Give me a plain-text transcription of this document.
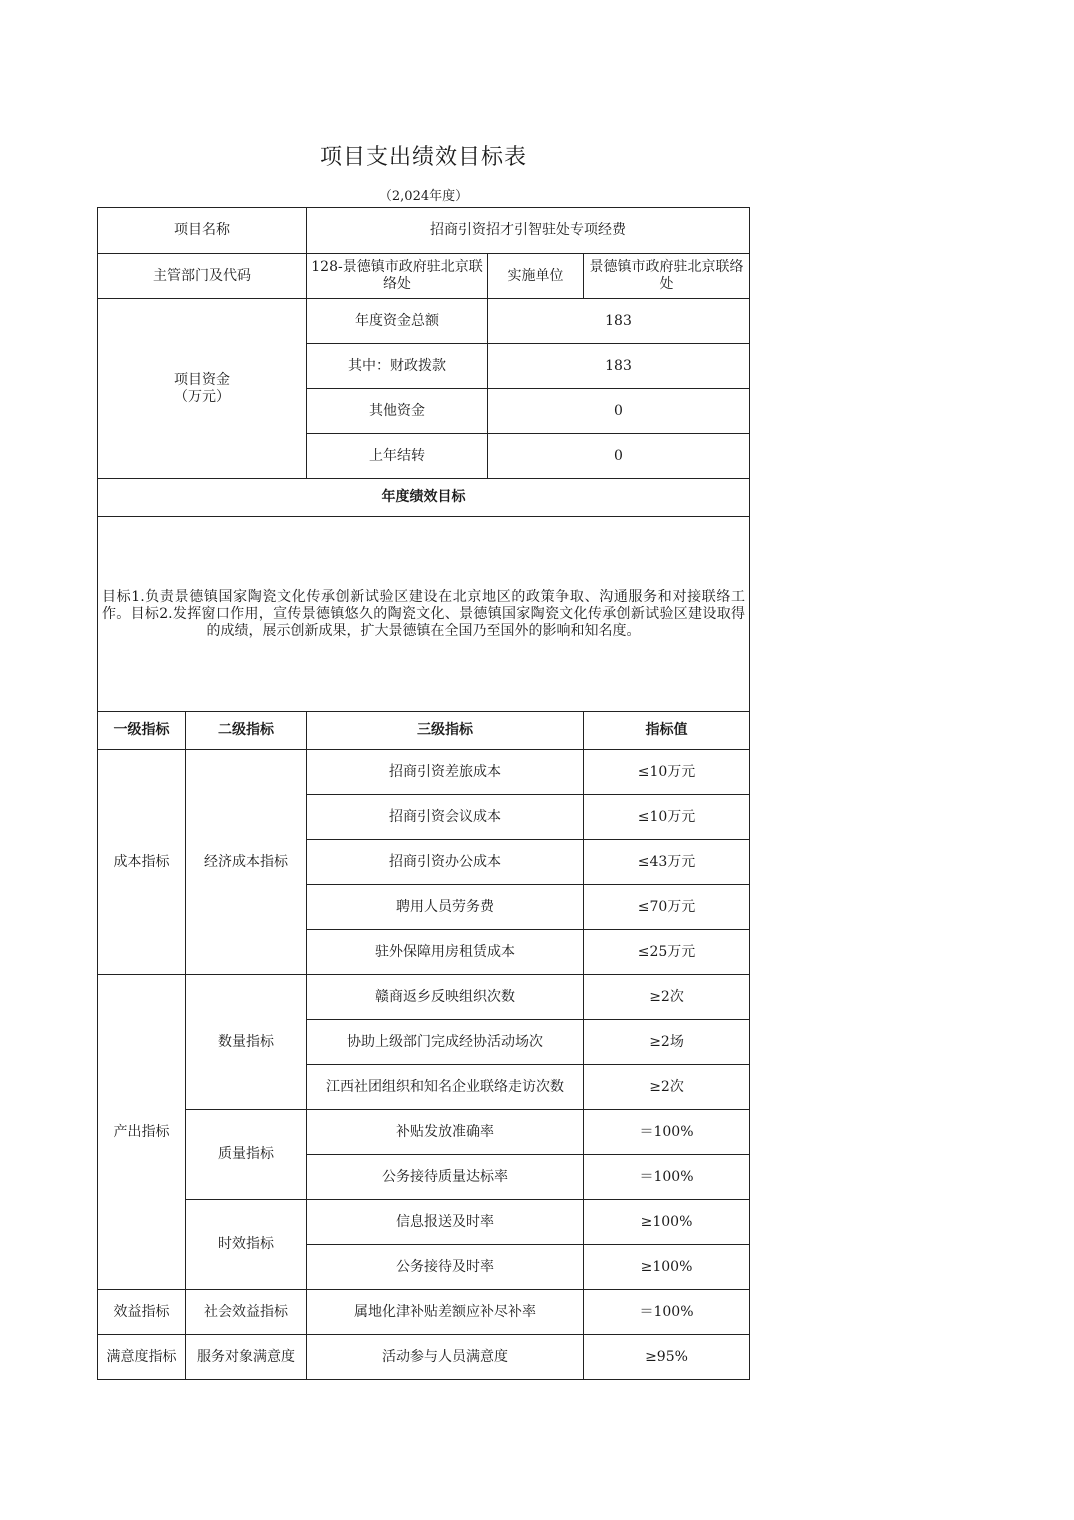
项目支出绩效目标表
（2,024年度）
项目名称		招商引资招才引智驻处专项经费		
主管部门及代码		128-景德镇市政府驻北京联络处	实施单位	景德镇市政府驻北京联络处

项目资金
（万元）		年度资金总额	183	
		其中：财政拨款	183	
		其他资金	0	
		上年结转	0	
年度绩效目标				

目标1.负责景德镇国家陶瓷文化传承创新试验区建设在北京地区的政策争取、沟通服务和对接联络工作。目标2.发挥窗口作用，宣传景德镇悠久的陶瓷文化、景德镇国家陶瓷文化传承创新试验区建设取得的成绩，展示创新成果，扩大景德镇在全国乃至国外的影响和知名度。				

一级指标	二级指标	三级指标		指标值
成本指标	经济成本指标	招商引资差旅成本		≤10万元
		招商引资会议成本		≤10万元
		招商引资办公成本		≤43万元
		聘用人员劳务费		≤70万元
		驻外保障用房租赁成本		≤25万元
产出指标	数量指标	赣商返乡反映组织次数		≥2次
		协助上级部门完成经协活动场次		≥2场
		江西社团组织和知名企业联络走访次数		≥2次
	质量指标	补贴发放准确率		＝100%
		公务接待质量达标率		＝100%
	时效指标	信息报送及时率		≥100%
		公务接待及时率		≥100%
效益指标	社会效益指标	属地化津补贴差额应补尽补率		＝100%
满意度指标	服务对象满意度	活动参与人员满意度		≥95%
